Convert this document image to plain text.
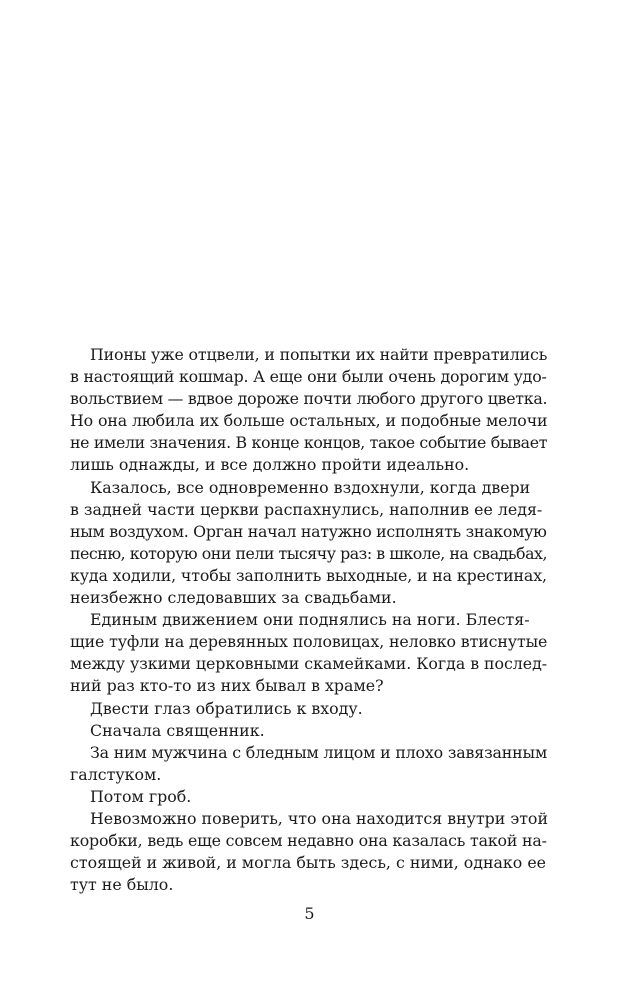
Пионы уже отцвели, и попытки их найти превратились
в настоящий кошмар. А еще они были очень дорогим удо-
вольствием — вдвое дороже почти любого другого цветка.
Но она любила их больше остальных, и подобные мелочи
не имели значения. В конце концов, такое событие бывает
лишь однажды, и все должно пройти идеально.
Казалось, все одновременно вздохнули, когда двери
в задней части церкви распахнулись, наполнив ее ледя-
ным воздухом. Орган начал натужно исполнять знакомую
песню, которую они пели тысячу раз: в школе, на свадьбах,
куда ходили, чтобы заполнить выходные, и на крестинах,
неизбежно следовавших за свадьбами.
Единым движением они поднялись на ноги. Блестя-
щие туфли на деревянных половицах, неловко втиснутые
между узкими церковными скамейками. Когда в послед-
ний раз кто-то из них бывал в храме?
Двести глаз обратились к входу.
Сначала священник.
За ним мужчина с бледным лицом и плохо завязанным
галстуком.
Потом гроб.
Невозможно поверить, что она находится внутри этой
коробки, ведь еще совсем недавно она казалась такой на-
стоящей и живой, и могла быть здесь, с ними, однако ее
тут не было.
5
